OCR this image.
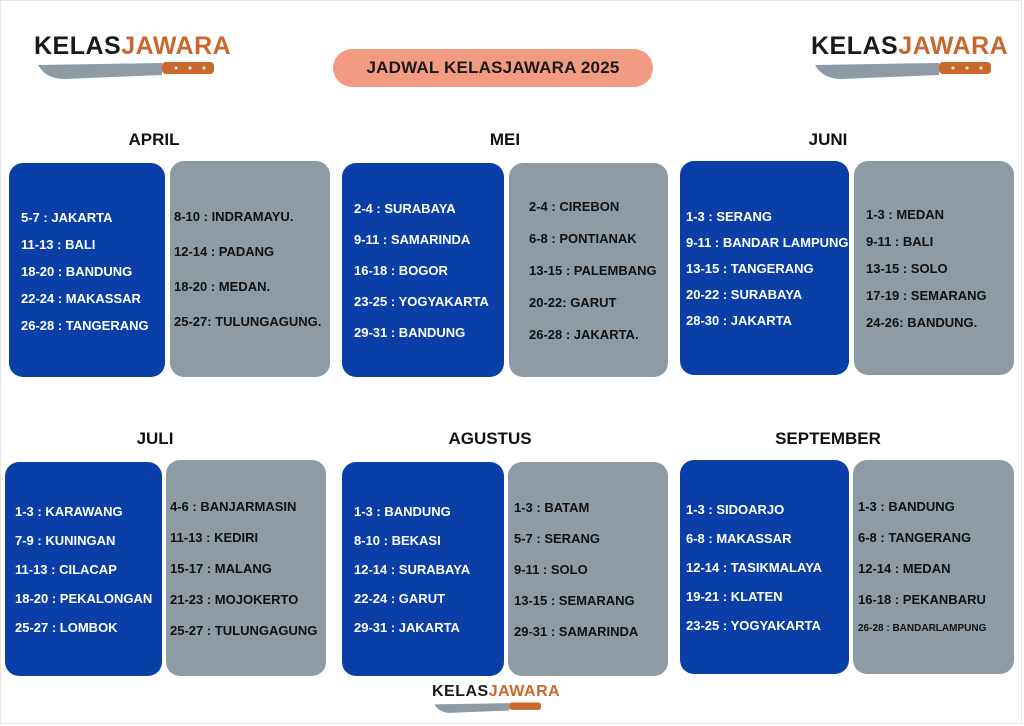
KELASJAWARA	KELASJAWARA
KELASJAWARA
JADWAL KELASJAWARA 2025
APRIL	MEI	JUNI
JULI	AGUSTUS	SEPTEMBER
5-7 : JAKARTA
11-13 : BALI
18-20 : BANDUNG
22-24 : MAKASSAR
26-28 : TANGERANG
8-10 : INDRAMAYU.
12-14 : PADANG
18-20 : MEDAN.
25-27: TULUNGAGUNG.
2-4 : SURABAYA
9-11 : SAMARINDA
16-18 : BOGOR
23-25 : YOGYAKARTA
29-31 : BANDUNG
2-4 : CIREBON
6-8 : PONTIANAK
13-15 : PALEMBANG
20-22: GARUT
26-28 : JAKARTA.
1-3 : SERANG
9-11 : BANDAR LAMPUNG
13-15 : TANGERANG
20-22 : SURABAYA
28-30 : JAKARTA
1-3 : MEDAN
9-11 : BALI
13-15 : SOLO
17-19 : SEMARANG
24-26: BANDUNG.
1-3 : KARAWANG
7-9 : KUNINGAN
11-13 : CILACAP
18-20 : PEKALONGAN
25-27 : LOMBOK
4-6 : BANJARMASIN
11-13 : KEDIRI
15-17 : MALANG
21-23 : MOJOKERTO
25-27 : TULUNGAGUNG
1-3 : BANDUNG
8-10 : BEKASI
12-14 : SURABAYA
22-24 : GARUT
29-31 : JAKARTA
1-3 : BATAM
5-7 : SERANG
9-11 : SOLO
13-15 : SEMARANG
29-31 : SAMARINDA
1-3 : SIDOARJO
6-8 : MAKASSAR
12-14 : TASIKMALAYA
19-21 : KLATEN
23-25 : YOGYAKARTA
1-3 : BANDUNG
6-8 : TANGERANG
12-14 : MEDAN
16-18 : PEKANBARU
26-28 : BANDARLAMPUNG
